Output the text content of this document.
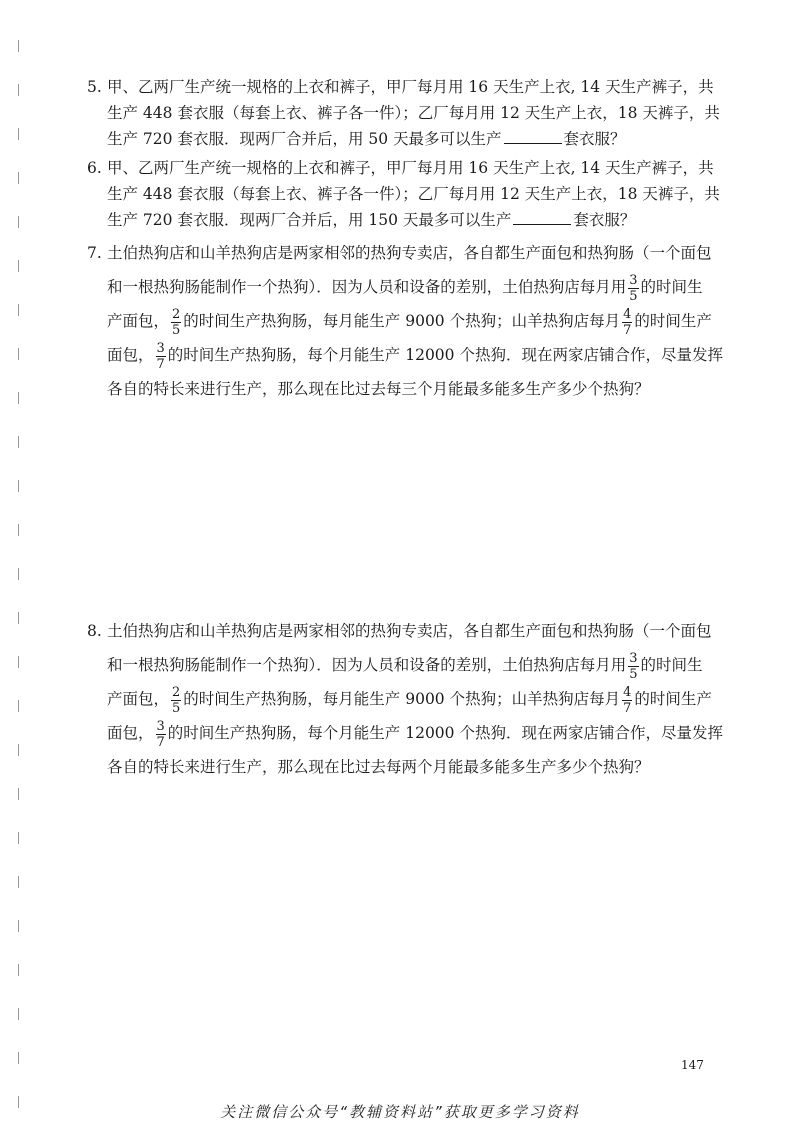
5. 甲、乙两厂生产统一规格的上衣和裤子，甲厂每月用 16 天生产上衣, 14 天生产裤子，共
生产 448 套衣服（每套上衣、裤子各一件）；乙厂每月用 12 天生产上衣，18 天裤子，共
生产 720 套衣服．现两厂合并后，用 50 天最多可以生产	套衣服？
6. 甲、乙两厂生产统一规格的上衣和裤子，甲厂每月用 16 天生产上衣, 14 天生产裤子，共
生产 448 套衣服（每套上衣、裤子各一件）；乙厂每月用 12 天生产上衣，18 天裤子，共
生产 720 套衣服．现两厂合并后，用 150 天最多可以生产	套衣服？
7. 土伯热狗店和山羊热狗店是两家相邻的热狗专卖店，各自都生产面包和热狗肠（一个面包
和一根热狗肠能制作一个热狗）．因为人员和设备的差别，土伯热狗店每月用 $\frac{3}{5}$ 的时间生
产面包， $\frac{2}{5}$ 的时间生产热狗肠，每月能生产 9000 个热狗；山羊热狗店每月 $\frac{4}{7}$ 的时间生产
面包， $\frac{3}{7}$ 的时间生产热狗肠，每个月能生产 12000 个热狗．现在两家店铺合作，尽量发挥
各自的特长来进行生产，那么现在比过去每三个月能最多能多生产多少个热狗？
8. 土伯热狗店和山羊热狗店是两家相邻的热狗专卖店，各自都生产面包和热狗肠（一个面包
和一根热狗肠能制作一个热狗）．因为人员和设备的差别，土伯热狗店每月用 $\frac{3}{5}$ 的时间生
产面包， $\frac{2}{5}$ 的时间生产热狗肠，每月能生产 9000 个热狗；山羊热狗店每月 $\frac{4}{7}$ 的时间生产
面包， $\frac{3}{7}$ 的时间生产热狗肠，每个月能生产 12000 个热狗．现在两家店铺合作，尽量发挥
各自的特长来进行生产，那么现在比过去每两个月能最多能多生产多少个热狗？
147
关注微信公众号“教辅资料站”获取更多学习资料
